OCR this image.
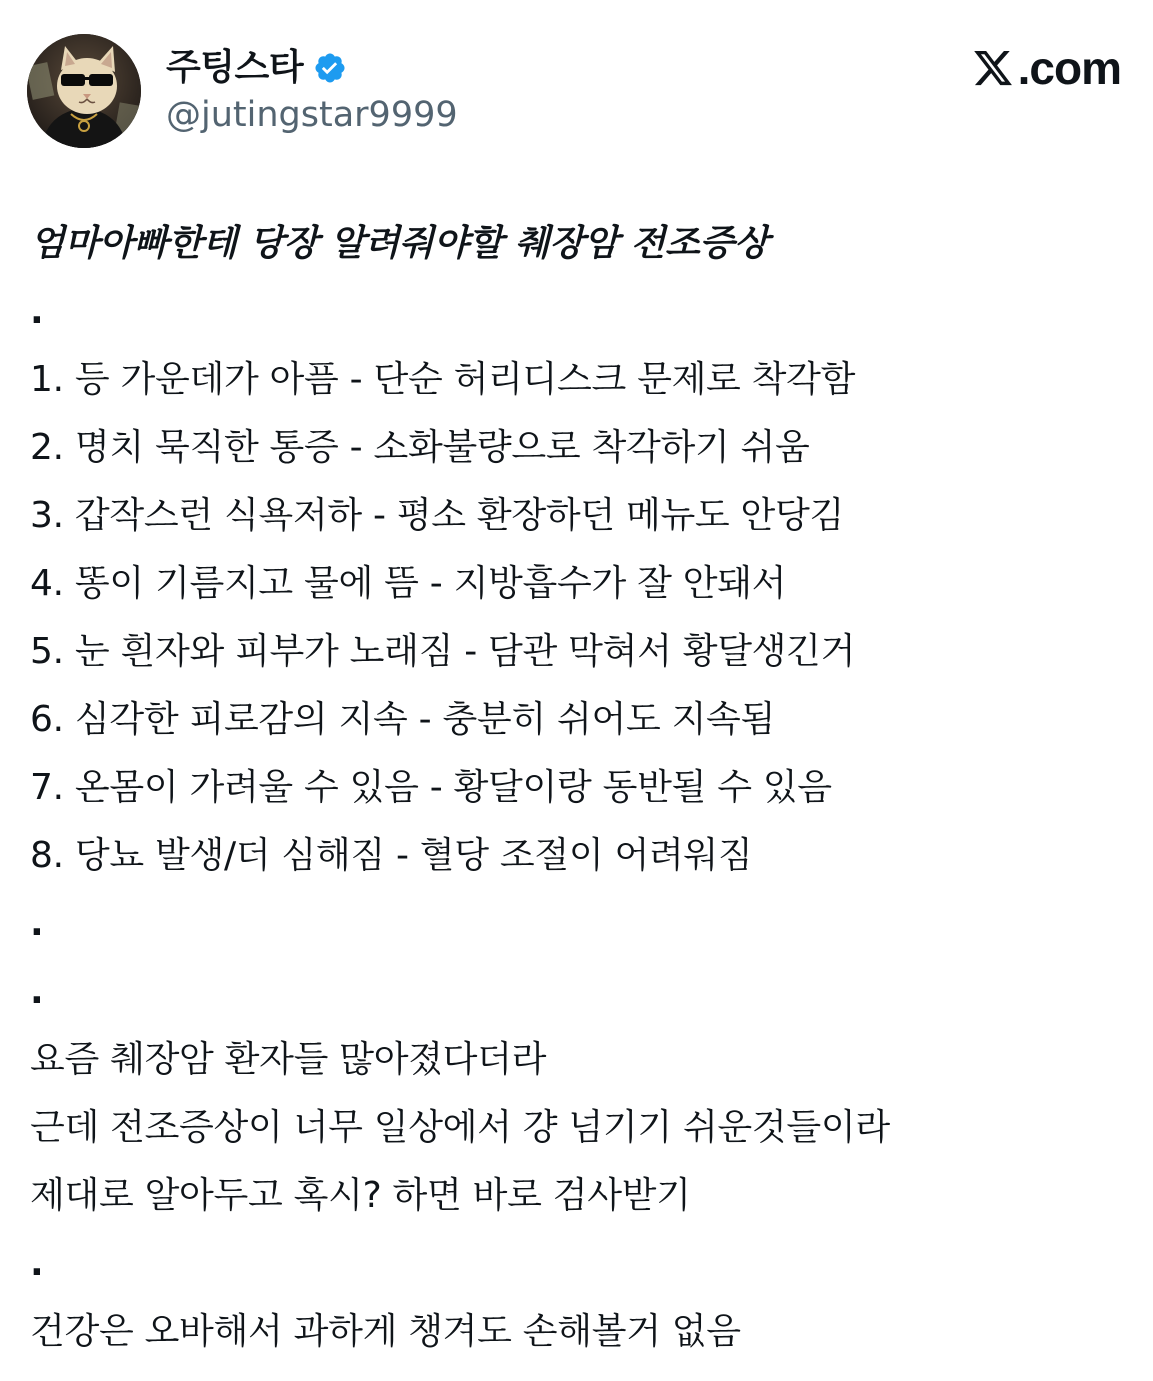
주팅스타
@jutingstar9999
.com
엄마아빠한테 당장 알려줘야할 췌장암 전조증상
.
1. 등 가운데가 아픔 - 단순 허리디스크 문제로 착각함
2. 명치 묵직한 통증 - 소화불량으로 착각하기 쉬움
3. 갑작스런 식욕저하 - 평소 환장하던 메뉴도 안당김
4. 똥이 기름지고 물에 뜸 - 지방흡수가 잘 안돼서
5. 눈 흰자와 피부가 노래짐 - 담관 막혀서 황달생긴거
6. 심각한 피로감의 지속 - 충분히 쉬어도 지속됨
7. 온몸이 가려울 수 있음 - 황달이랑 동반될 수 있음
8. 당뇨 발생/더 심해짐 - 혈당 조절이 어려워짐
.
.
요즘 췌장암 환자들 많아졌다더라
근데 전조증상이 너무 일상에서 걍 넘기기 쉬운것들이라
제대로 알아두고 혹시? 하면 바로 검사받기
.
건강은 오바해서 과하게 챙겨도 손해볼거 없음
